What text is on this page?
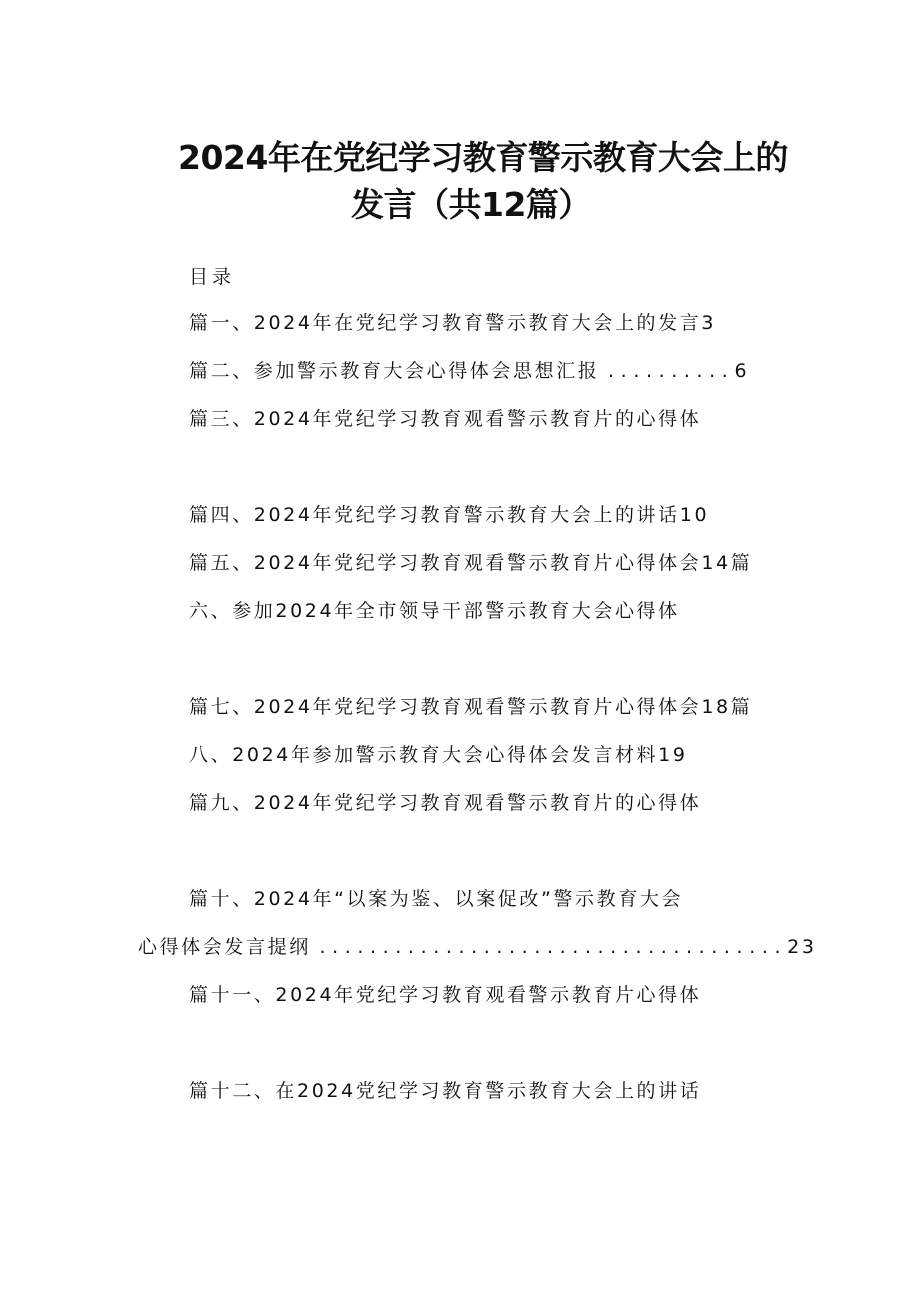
2024年在党纪学习教育警示教育大会上的
发言（共12篇）
目录
篇一、2024年在党纪学习教育警示教育大会上的发言3
篇二、参加警示教育大会心得体会思想汇报 ..........6
篇三、2024年党纪学习教育观看警示教育片的心得体
篇四、2024年党纪学习教育警示教育大会上的讲话10
篇五、2024年党纪学习教育观看警示教育片心得体会14篇
六、参加2024年全市领导干部警示教育大会心得体
篇七、2024年党纪学习教育观看警示教育片心得体会18篇
八、2024年参加警示教育大会心得体会发言材料19
篇九、2024年党纪学习教育观看警示教育片的心得体
篇十、2024年“以案为鉴、以案促改”警示教育大会
心得体会发言提纲 .....................................23
篇十一、2024年党纪学习教育观看警示教育片心得体
篇十二、在2024党纪学习教育警示教育大会上的讲话
